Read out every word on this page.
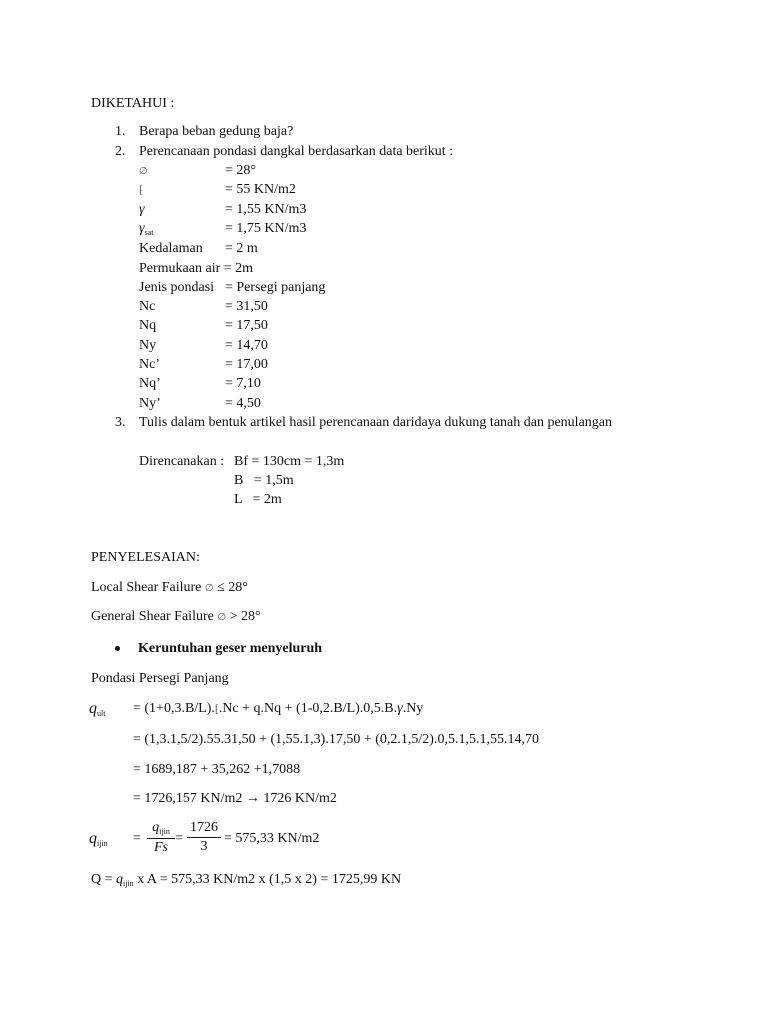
DIKETAHUI :
1. Berapa beban gedung baja?
2. Perencanaan pondasi dangkal berdasarkan data berikut :
∅	= 28°
⁅	= 55 KN/m2
γ	= 1,55 KN/m3
$\gamma_{sat}$	= 1,75 KN/m3
Kedalaman = 2 m
Permukaan air = 2m
Jenis pondasi = Persegi panjang
Nc	= 31,50
Nq	= 17,50
Ny	= 14,70
Nc’	= 17,00
Nq’	= 7,10
Ny’	= 4,50
3. Tulis dalam bentuk artikel hasil perencanaan daridaya dukung tanah dan penulangan
Direncanakan : Bf = 130cm = 1,3m
B   = 1,5m
L   = 2m
PENYELESAIAN:
Local Shear Failure ∅ ≤ 28°
General Shear Failure ∅ > 28°
Keruntuhan geser menyeluruh
Pondasi Persegi Panjang
qult = (1+0,3.B/L).⁅.Nc + q.Nq + (1-0,2.B/L).0,5.B.γ.Ny
= (1,3.1,5/2).55.31,50 + (1,55.1,3).17,50 + (0,2.1,5/2).0,5.1,5.1,55.14,70
= 1689,187 + 35,262 +1,7088
= 1726,157 KN/m2 → 1726 KN/m2
qijin =
$q_{ijin}$
Fs
=
1726
3
= 575,33 KN/m2
$Q = q_{ijin}$ x A = 575,33 KN/m2 x (1,5 x 2) = 1725,99 KN
